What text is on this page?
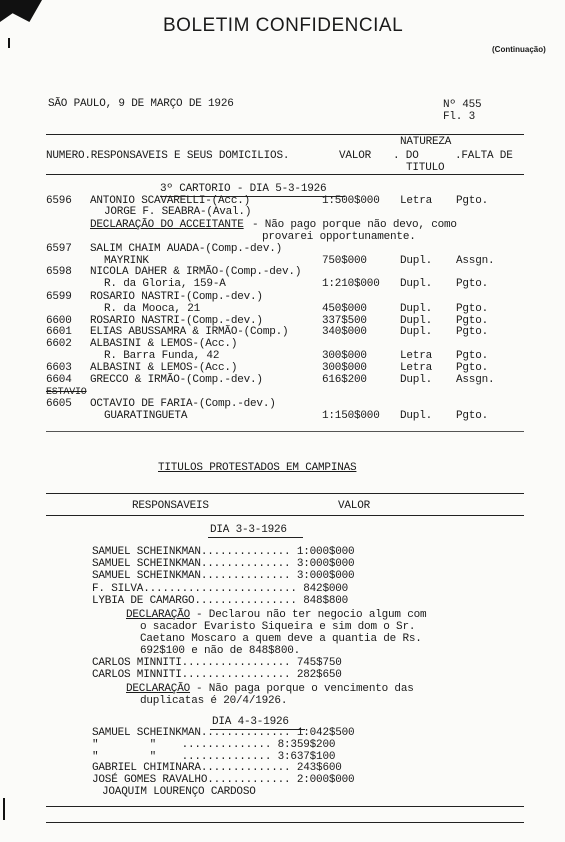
BOLETIM CONFIDENCIAL
(Continuação)
SÃO PAULO, 9 DE MARÇO DE 1926	Nº 455
Fl. 3
NUMERO.RESPONSAVEIS E SEUS DOMICILIOS.	VALOR
NATUREZA
. DO
TITULO
.FALTA DE
3º CARTORIO - DIA 5-3-1926
6596 ANTONIO SCAVARELLI-(Acc.)	1:500$000 Letra Pgto.
JORGE F. SEABRA-(Aval.)
6597 SALIM CHAIM AUADA-(Comp.-dev.)
MAYRINK	750$000	Dupl. Assgn.
6598 NICOLA DAHER & IRMÃO-(Comp.-dev.)
R. da Gloria, 159-A	1:210$000 Dupl. Pgto.
6599 ROSARIO NASTRI-(Comp.-dev.)
R. da Mooca, 21	450$000	Dupl. Pgto.
6600 ROSARIO NASTRI-(Comp.-dev.)	337$500	Dupl. Pgto.
6601 ELIAS ABUSSAMRA & IRMÃO-(Comp.)	340$000	Dupl. Pgto.
6602 ALBASINI & LEMOS-(Acc.)
R. Barra Funda, 42	300$000	Letra Pgto.
6603 ALBASINI & LEMOS-(Acc.)	300$000	Letra Pgto.
6604 GRECCO & IRMÃO-(Comp.-dev.)	616$200	Dupl. Assgn.
6605 OCTAVIO DE FARIA-(Comp.-dev.)
GUARATINGUETA	1:150$000 Dupl. Pgto.
DECLARAÇÃO DO ACCEITANTE - Não pago porque não devo, como
provarei opportunamente.
ESTAVIO
TITULOS PROTESTADOS EM CAMPINAS
RESPONSAVEIS	VALOR
DIA 3-3-1926
SAMUEL SCHEINKMAN.............. 1:000$000
SAMUEL SCHEINKMAN.............. 3:000$000
SAMUEL SCHEINKMAN.............. 3:000$000
F. SILVA........................ 842$000
LYBIA DE CAMARGO................ 848$800
DECLARAÇÃO - Declarou não ter negocio algum com
o sacador Evaristo Siqueira e sim dom o Sr.
Caetano Moscaro a quem deve a quantia de Rs.
692$100 e não de 848$800.
CARLOS MINNITI................. 745$750
CARLOS MINNITI................. 282$650
DECLARAÇÃO - Não paga porque o vencimento das
duplicatas é 20/4/1926.
DIA 4-3-1926
SAMUEL SCHEINKMAN.............. 1:042$500
"        "    .............. 8:359$200
"        "    .............. 3:637$100
GABRIEL CHIMINARA.............. 243$600
JOSÉ GOMES RAVALHO............. 2:000$000
JOAQUIM LOURENÇO CARDOSO
